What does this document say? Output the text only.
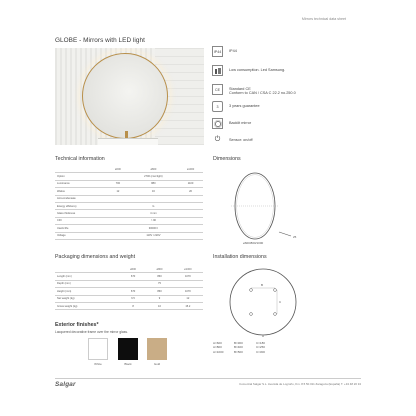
Mirrors technical data sheet
GLOBE - Mirrors with LED light
IP44	IP44
Low consumption. Led Samsung.
CE	Standard CE
Conform to CAN / CSA C 22.2 no.250.0
3	3 years guarantee
Backlit mirror
⏻	Sensor: on/off
Technical information
	ø600	ø800	ø1000
Option		2700 (cool light)	
Luminance	700	880	1100
Watios	12	16	20
Anti-condensate			
Energy efficiency		G	
Glass thickness		4 mm	
CRI		> 90	
Useful life		30000 h	
Voltage		110V / 220V	
Dimensions
25
ø600/800/1000
Packaging dimensions and weight
	ø600	ø800	ø1000
Length (mm)	670	860	1070
Depth (mm)		75	
Height (mm)	670	860	1070
Net weight (kg)	6.5	9	12
Gross weight (kg)	8	10	15.2
Installation dimensions
B
C
A
A=600	B=300	C=180
A=800	B=400	C=250
A=1000	B=500	C=300
Exterior finishes*
Lacquered decorative frame over the mirror glass.
White	Black	Gold
Salgar	Comercial Salgar S.L. Avenida de Logroño, Km. 8.5 50.011 Zaragoza (España) T. +34 48 20 34
